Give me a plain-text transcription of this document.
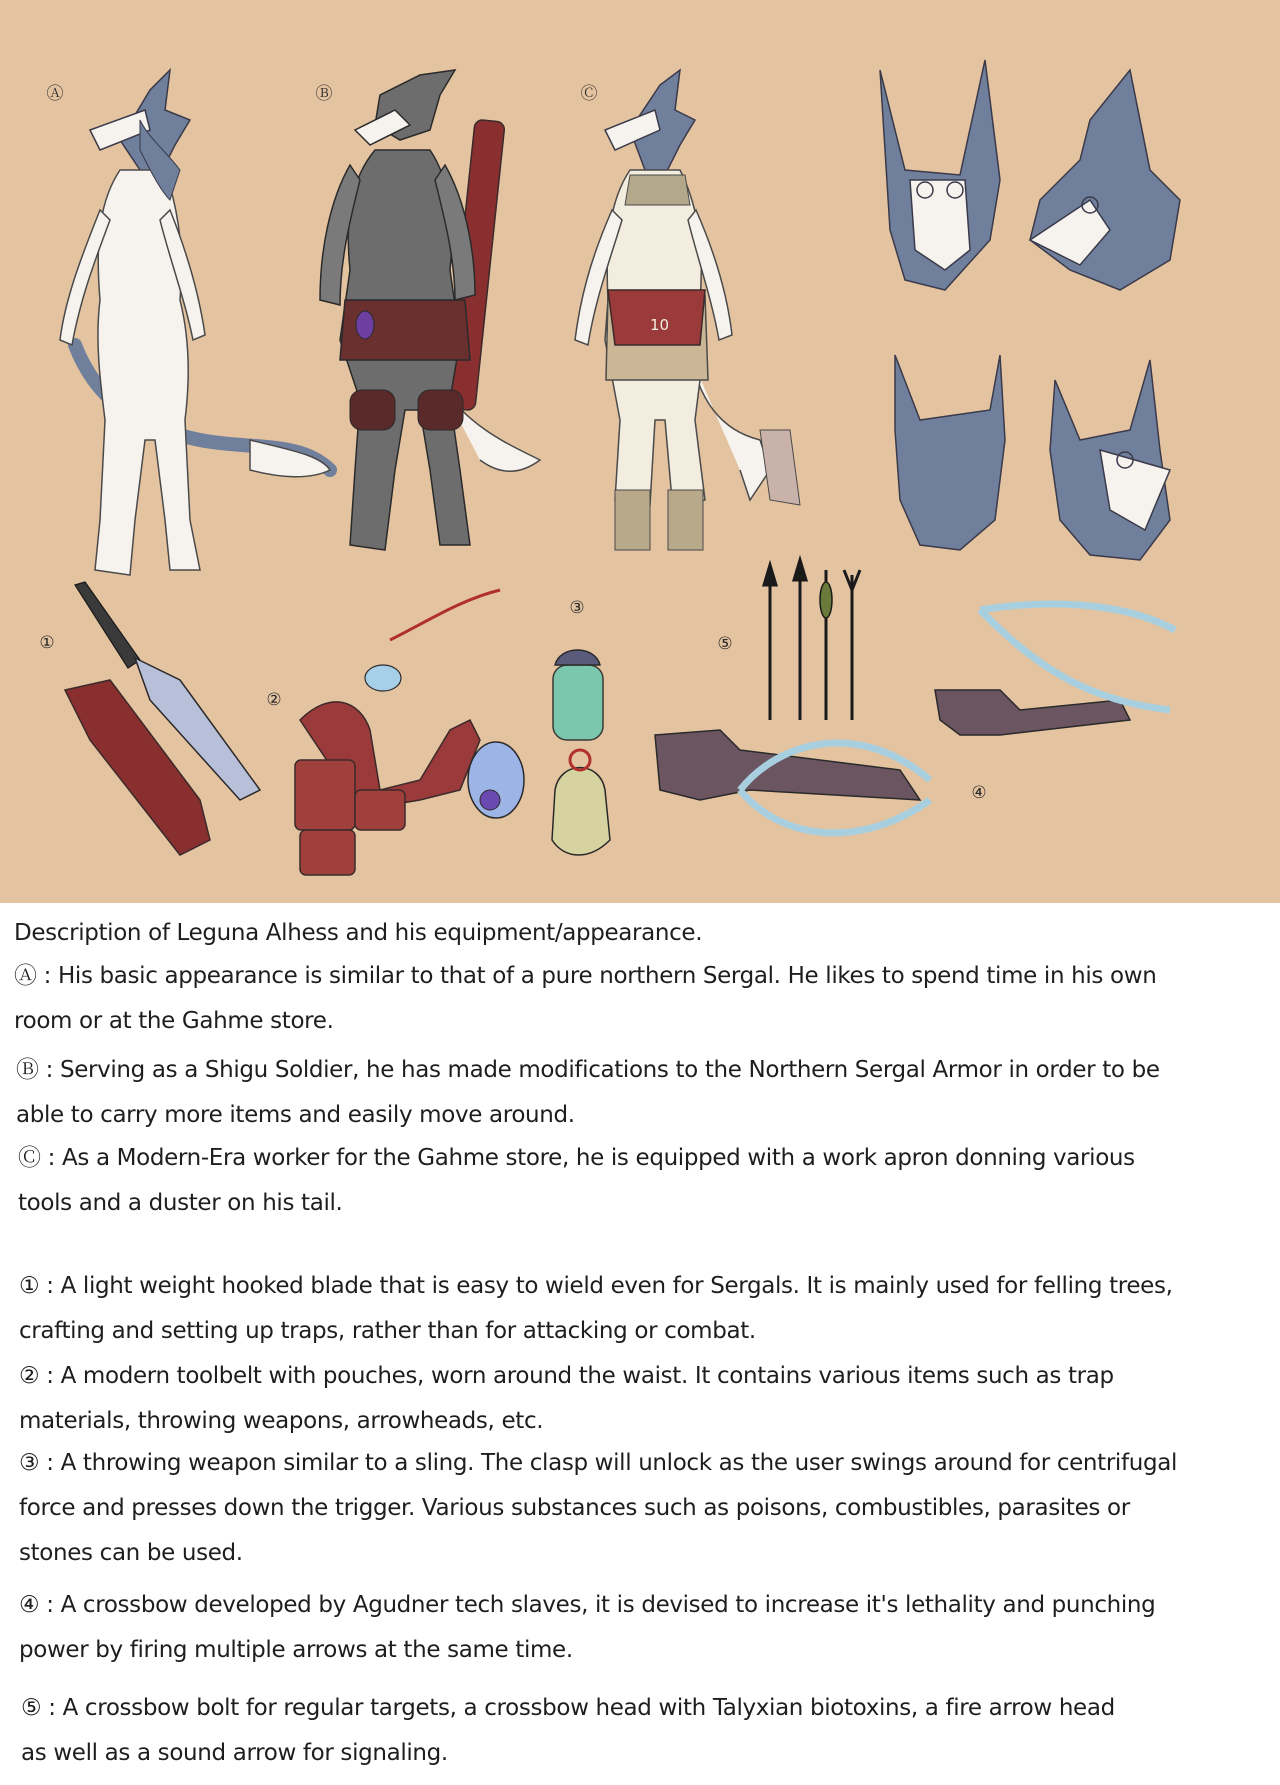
10
Ⓐ	Ⓑ	Ⓒ
①
②
③
④
⑤
Description of Leguna Alhess and his equipment/appearance.
Ⓐ : His basic appearance is similar to that of a pure northern Sergal. He likes to spend time in his own
room or at the Gahme store.
Ⓑ : Serving as a Shigu Soldier, he has made modifications to the Northern Sergal Armor in order to be
able to carry more items and easily move around.
Ⓒ : As a Modern-Era worker for the Gahme store, he is equipped with a work apron donning various
tools and a duster on his tail.
① : A light weight hooked blade that is easy to wield even for Sergals. It is mainly used for felling trees,
crafting and setting up traps, rather than for attacking or combat.
② : A modern toolbelt with pouches, worn around the waist. It contains various items such as trap
materials, throwing weapons, arrowheads, etc.
③ : A throwing weapon similar to a sling. The clasp will unlock as the user swings around for centrifugal
force and presses down the trigger. Various substances such as poisons, combustibles, parasites or
stones can be used.
④ : A crossbow developed by Agudner tech slaves, it is devised to increase it's lethality and punching
power by firing multiple arrows at the same time.
⑤ : A crossbow bolt for regular targets, a crossbow head with Talyxian biotoxins, a fire arrow head
as well as a sound arrow for signaling.
